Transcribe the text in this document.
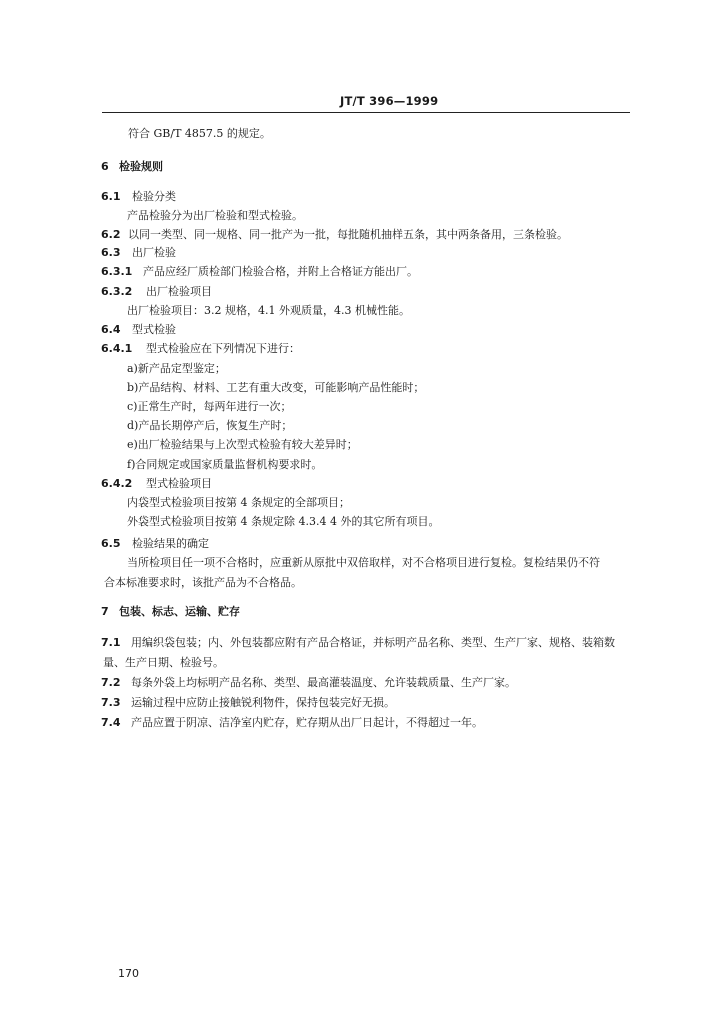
JT/T 396—1999
符合 GB/T 4857.5 的规定。
6 检验规则
6.1 检验分类
产品检验分为出厂检验和型式检验。
6.2 以同一类型、同一规格、同一批产为一批，每批随机抽样五条，其中两条备用，三条检验。
6.3 出厂检验
6.3.1 产品应经厂质检部门检验合格，并附上合格证方能出厂。
6.3.2 出厂检验项目
出厂检验项目：3.2 规格，4.1 外观质量，4.3 机械性能。
6.4 型式检验
6.4.1 型式检验应在下列情况下进行：
a)新产品定型鉴定；
b)产品结构、材料、工艺有重大改变，可能影响产品性能时；
c)正常生产时，每两年进行一次；
d)产品长期停产后，恢复生产时；
e)出厂检验结果与上次型式检验有较大差异时；
f)合同规定或国家质量监督机构要求时。
6.4.2 型式检验项目
内袋型式检验项目按第 4 条规定的全部项目；
外袋型式检验项目按第 4 条规定除 4.3.4 4 外的其它所有项目。
6.5 检验结果的确定
当所检项目任一项不合格时，应重新从原批中双倍取样，对不合格项目进行复检。复检结果仍不符
合本标准要求时，该批产品为不合格品。
7 包装、标志、运输、贮存
7.1 用编织袋包装；内、外包装都应附有产品合格证，并标明产品名称、类型、生产厂家、规格、装箱数
量、生产日期、检验号。
7.2 每条外袋上均标明产品名称、类型、最高灌装温度、允许装载质量、生产厂家。
7.3 运输过程中应防止接触锐利物件，保持包装完好无损。
7.4 产品应置于阴凉、洁净室内贮存，贮存期从出厂日起计，不得超过一年。
170
